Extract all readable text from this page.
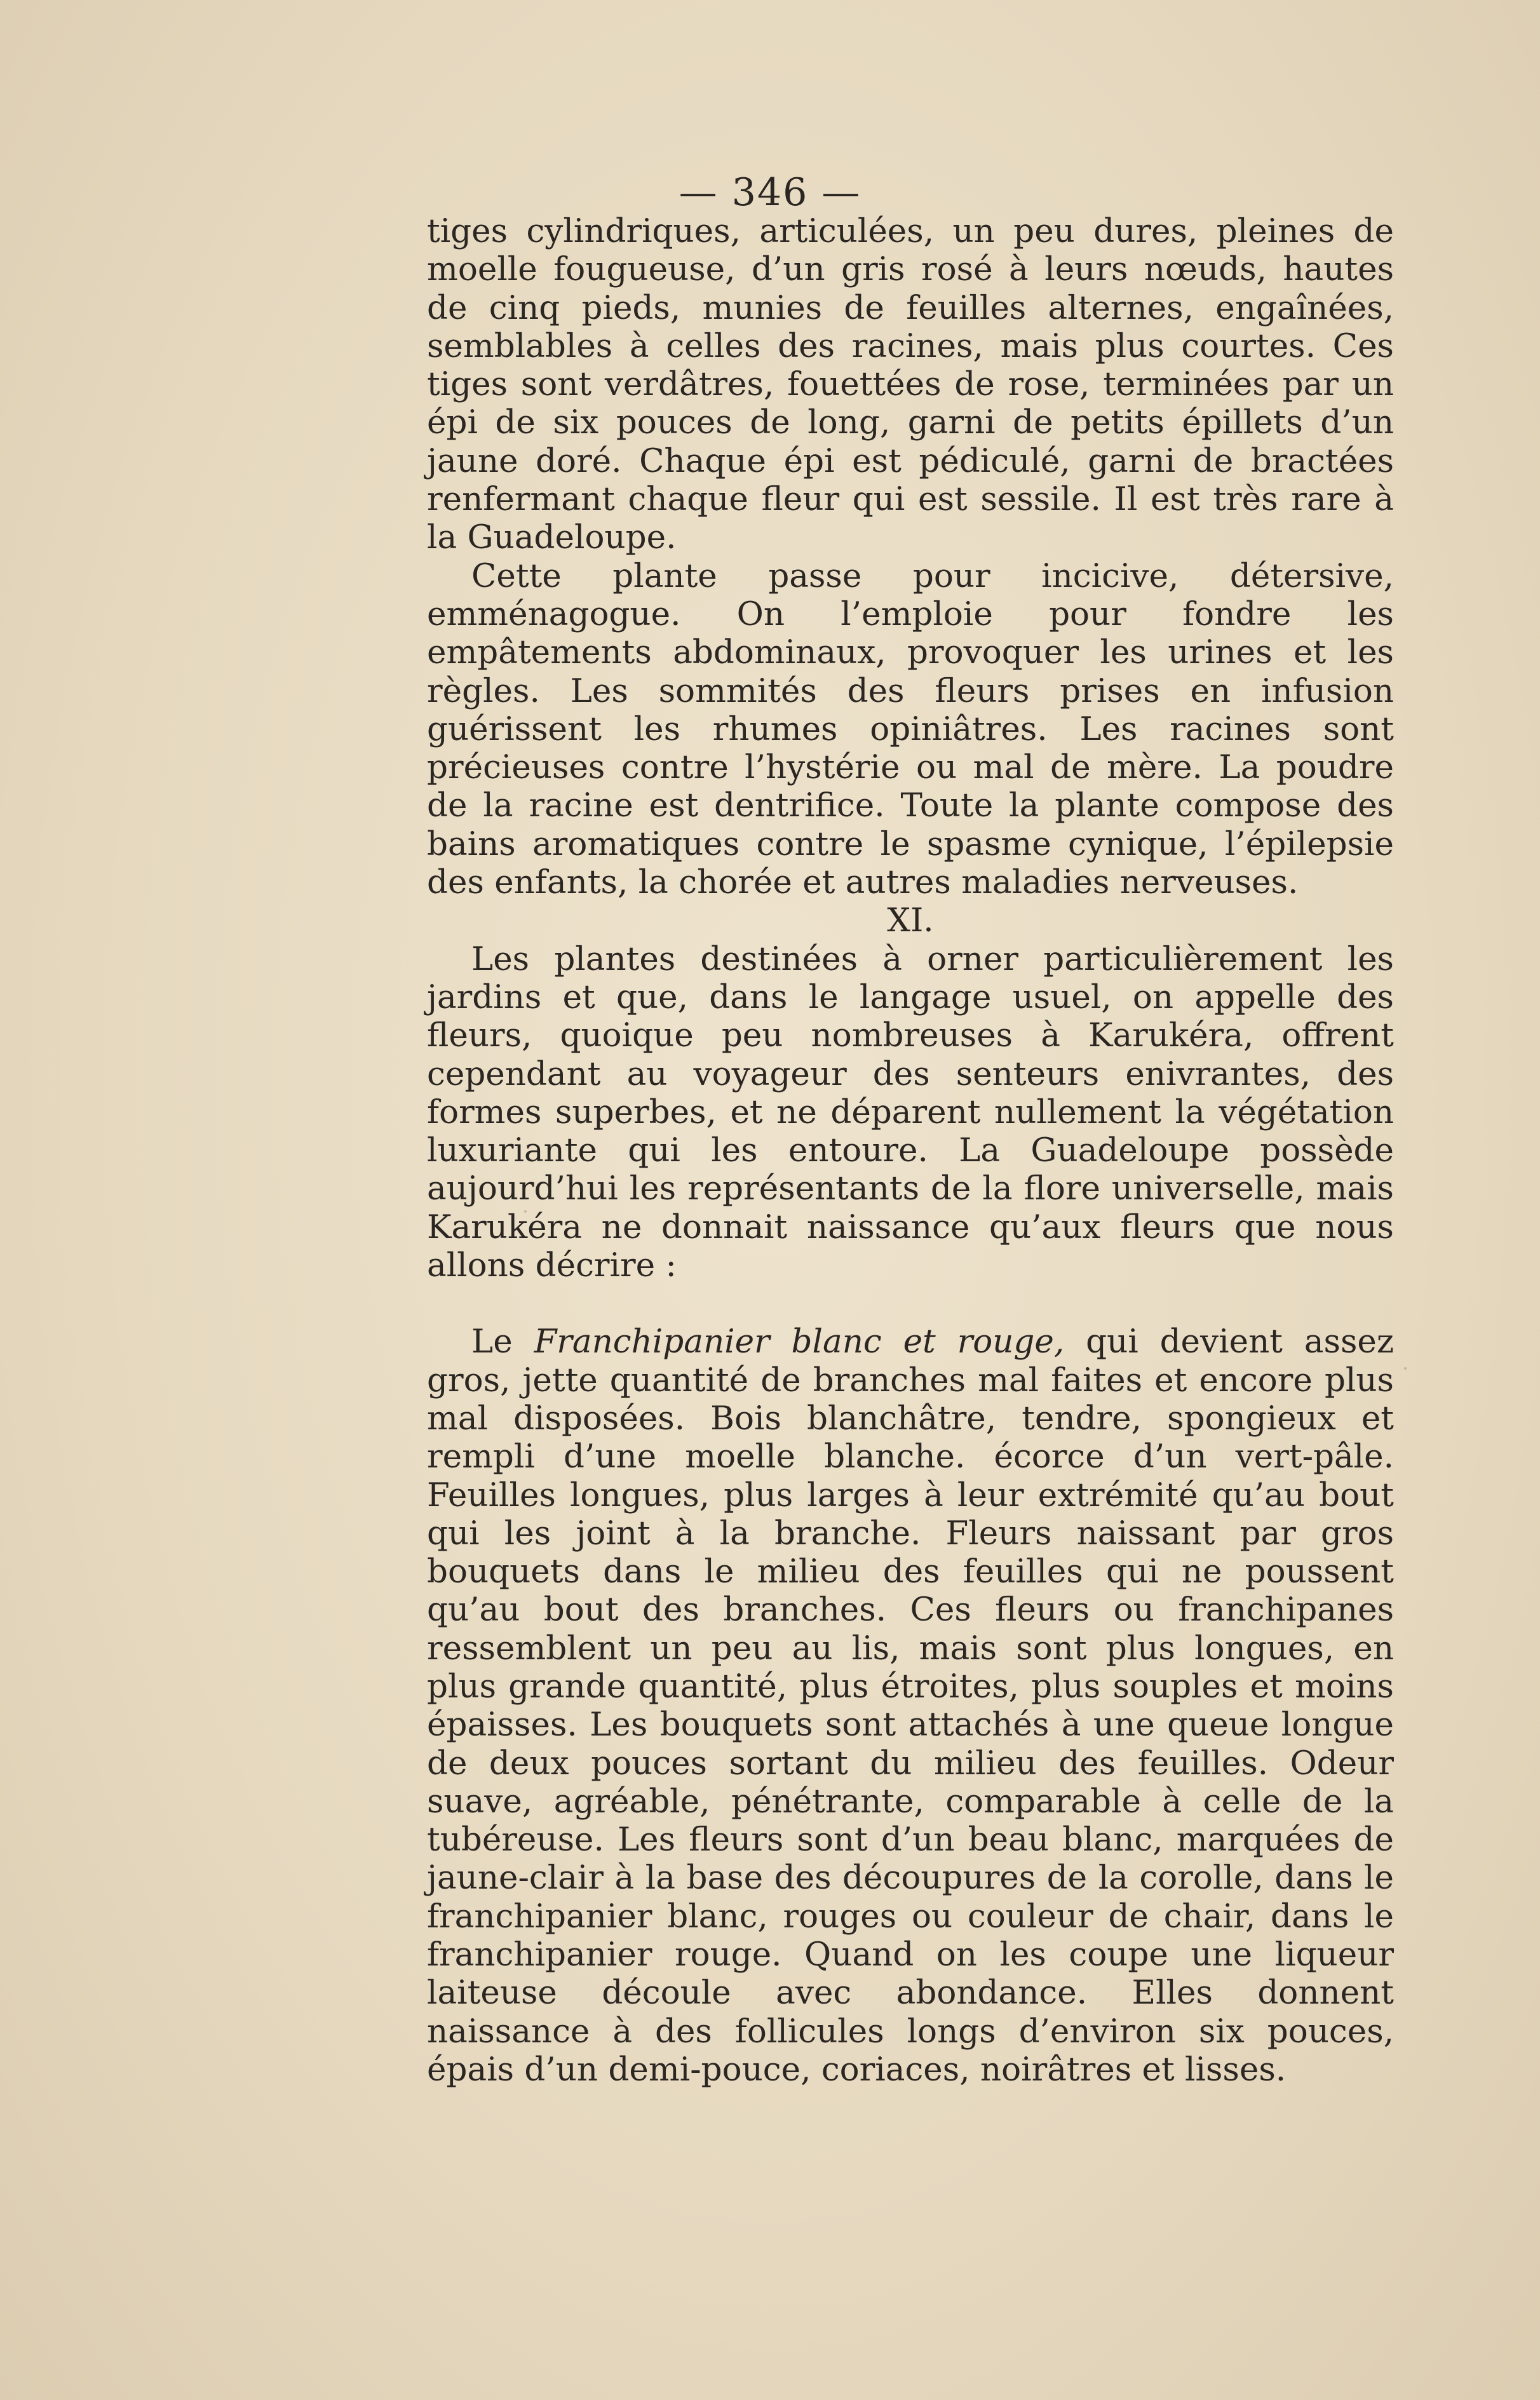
— 346 —

tiges cylindriques, articulées, un peu dures, pleines de moelle fougueuse, d’un gris rosé à leurs nœuds, hautes de cinq pieds, munies de feuilles alternes, engaînées, semblables à celles des racines, mais plus courtes. Ces tiges sont verdâtres, fouettées de rose, terminées par un épi de six pouces de long, garni de petits épillets d’un jaune doré. Chaque épi est pédiculé, garni de bractées renfermant chaque fleur qui est sessile. Il est très rare à la Guadeloupe.

Cette plante passe pour incicive, détersive, emménagogue. On l’emploie pour fondre les empâtements abdominaux, provoquer les urines et les règles. Les sommités des fleurs prises en infusion guérissent les rhumes opiniâtres. Les racines sont précieuses contre l’hystérie ou mal de mère. La poudre de la racine est dentrifice. Toute la plante compose des bains aromatiques contre le spasme cynique, l’épilepsie des enfants, la chorée et autres maladies nerveuses.

XI.

Les plantes destinées à orner particulièrement les jardins et que, dans le langage usuel, on appelle des fleurs, quoique peu nombreuses à Karukéra, offrent cependant au voyageur des senteurs enivrantes, des formes superbes, et ne déparent nullement la végétation luxuriante qui les entoure. La Guadeloupe possède aujourd’hui les représentants de la flore universelle, mais Karukéra ne donnait naissance qu’aux fleurs que nous allons décrire :

Le Franchipanier blanc et rouge, qui devient assez gros, jette quantité de branches mal faites et encore plus mal disposées. Bois blanchâtre, tendre, spongieux et rempli d’une moelle blanche. écorce d’un vert-pâle. Feuilles longues, plus larges à leur extrémité qu’au bout qui les joint à la branche. Fleurs naissant par gros bouquets dans le milieu des feuilles qui ne poussent qu’au bout des branches. Ces fleurs ou franchipanes ressemblent un peu au lis, mais sont plus longues, en plus grande quantité, plus étroites, plus souples et moins épaisses. Les bouquets sont attachés à une queue longue de deux pouces sortant du milieu des feuilles. Odeur suave, agréable, pénétrante, comparable à celle de la tubéreuse. Les fleurs sont d’un beau blanc, marquées de jaune-clair à la base des découpures de la corolle, dans le franchipanier blanc, rouges ou couleur de chair, dans le franchipanier rouge. Quand on les coupe une liqueur laiteuse découle avec abondance. Elles donnent naissance à des follicules longs d’environ six pouces, épais d’un demi-pouce, coriaces, noirâtres et lisses.
